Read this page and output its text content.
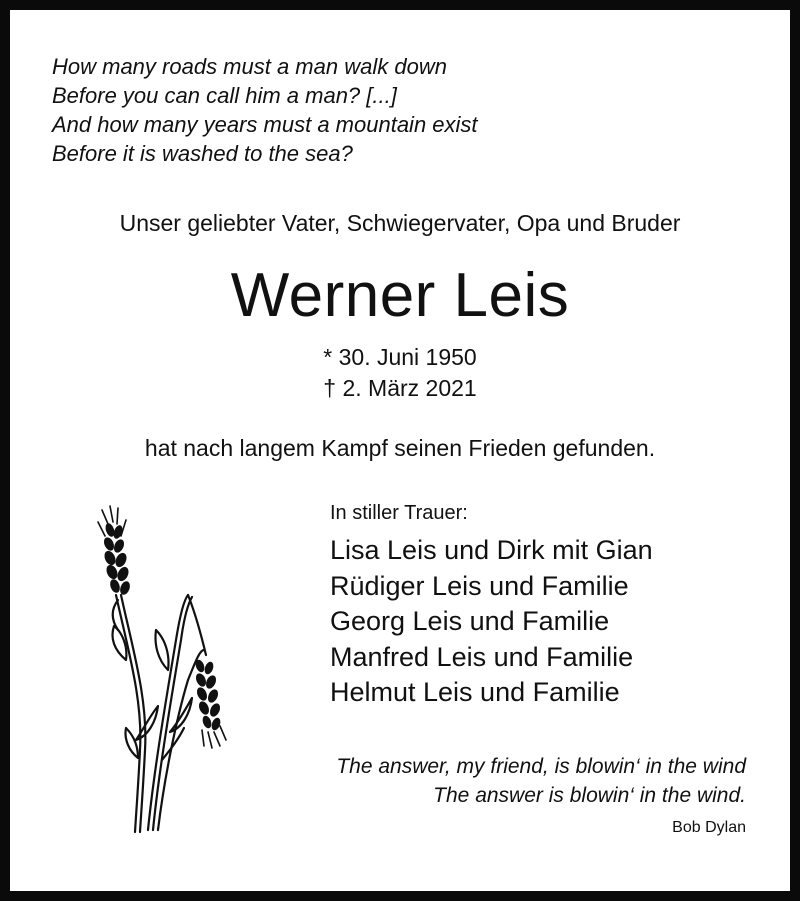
How many roads must a man walk down
Before you can call him a man? [...]
And how many years must a mountain exist
Before it is washed to the sea?
Unser geliebter Vater, Schwiegervater, Opa und Bruder
Werner Leis
* 30. Juni 1950
† 2. März 2021
hat nach langem Kampf seinen Frieden gefunden.
In stiller Trauer:
Lisa Leis und Dirk mit Gian
Rüdiger Leis und Familie
Georg Leis und Familie
Manfred Leis und Familie
Helmut Leis und Familie
The answer, my friend, is blowin‘ in the wind
The answer is blowin‘ in the wind.
Bob Dylan
